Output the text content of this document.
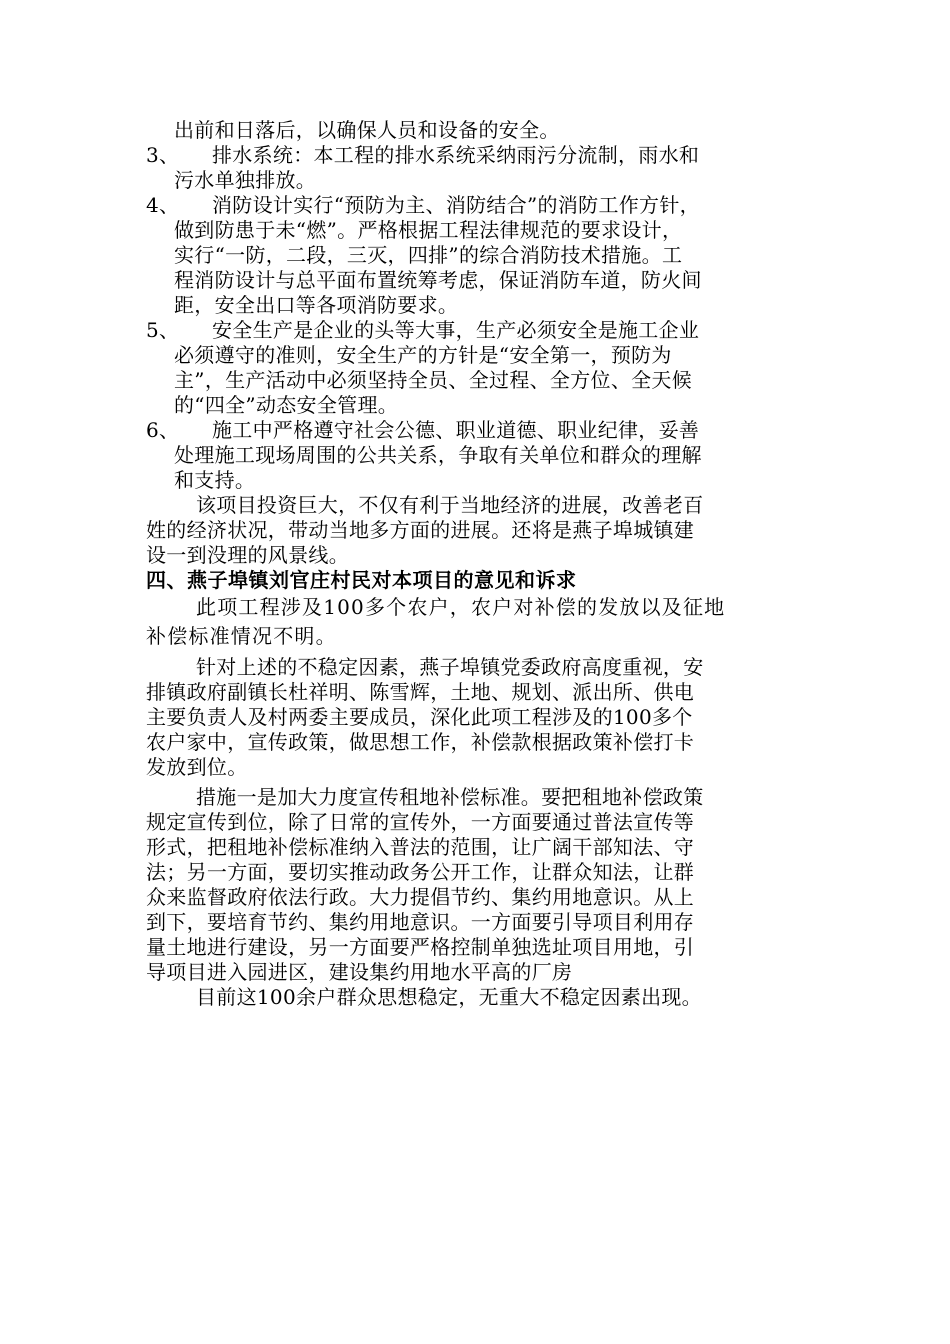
出前和日落后，以确保人员和设备的安全。
3、 排水系统：本工程的排水系统采纳雨污分流制，雨水和
污水单独排放。
4、 消防设计实行“预防为主、消防结合”的消防工作方针，
做到防患于未“燃”。严格根据工程法律规范的要求设计，
实行“一防，二段，三灭，四排”的综合消防技术措施。工
程消防设计与总平面布置统筹考虑，保证消防车道，防火间
距，安全出口等各项消防要求。
5、 安全生产是企业的头等大事，生产必须安全是施工企业
必须遵守的准则，安全生产的方针是“安全第一，预防为
主”，生产活动中必须坚持全员、全过程、全方位、全天候
的“四全”动态安全管理。
6、 施工中严格遵守社会公德、职业道德、职业纪律，妥善
处理施工现场周围的公共关系，争取有关单位和群众的理解
和支持。
该项目投资巨大，不仅有利于当地经济的进展，改善老百
姓的经济状况，带动当地多方面的进展。还将是燕子埠城镇建
设一到没理的风景线。
四、燕子埠镇刘官庄村民对本项目的意见和诉求
此项工程涉及100多个农户，农户对补偿的发放以及征地
补偿标准情况不明。
针对上述的不稳定因素，燕子埠镇党委政府高度重视，安
排镇政府副镇长杜祥明、陈雪辉，土地、规划、派出所、供电
主要负责人及村两委主要成员，深化此项工程涉及的100多个
农户家中，宣传政策，做思想工作，补偿款根据政策补偿打卡
发放到位。
措施一是加大力度宣传租地补偿标准。要把租地补偿政策
规定宣传到位，除了日常的宣传外，一方面要通过普法宣传等
形式，把租地补偿标准纳入普法的范围，让广阔干部知法、守
法；另一方面，要切实推动政务公开工作，让群众知法，让群
众来监督政府依法行政。大力提倡节约、集约用地意识。从上
到下，要培育节约、集约用地意识。一方面要引导项目利用存
量土地进行建设，另一方面要严格控制单独选址项目用地，引
导项目进入园进区，建设集约用地水平高的厂房
目前这100余户群众思想稳定，无重大不稳定因素出现。
